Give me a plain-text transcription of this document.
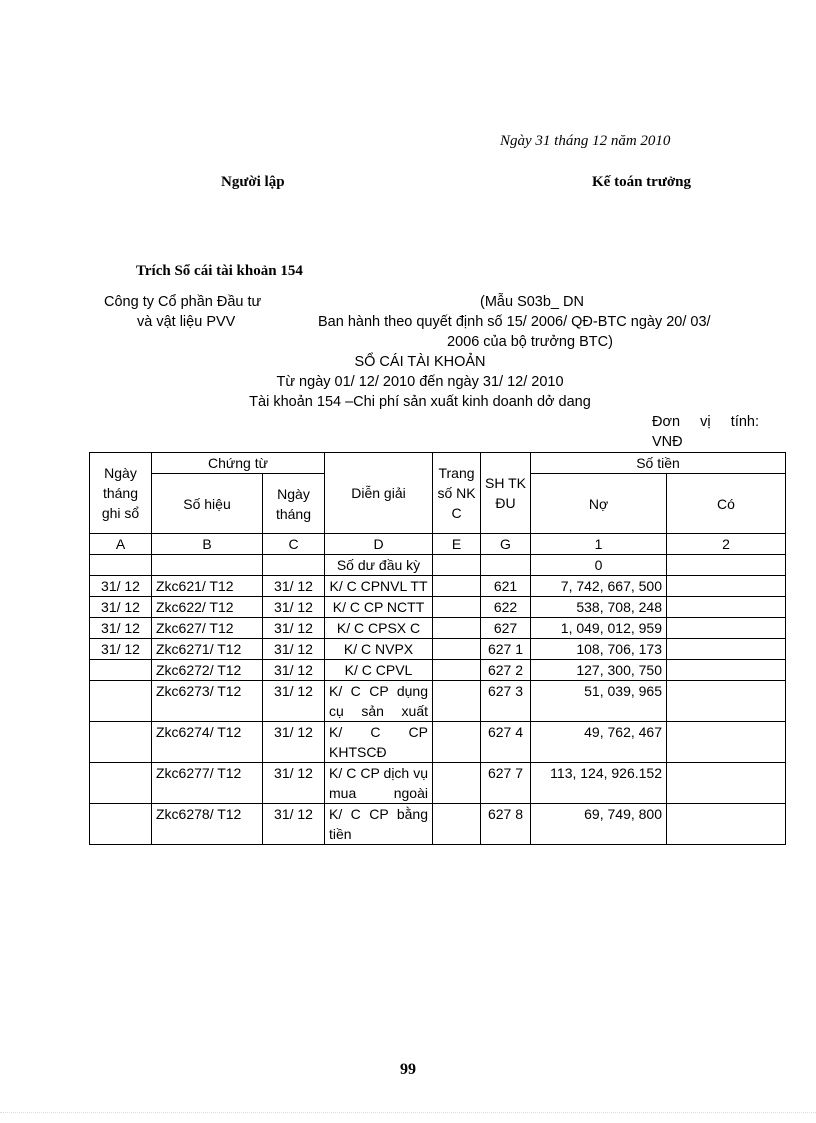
Ngày 31 tháng 12 năm 2010
Người lập	Kế toán trưởng
Trích Sổ cái tài khoản 154
Công ty Cổ phần Đầu tư
và vật liệu PVV
(Mẫu S03b_ DN
Ban hành theo quyết định số 15/ 2006/ QĐ-BTC ngày 20/ 03/
2006 của bộ trưởng BTC)
SỔ CÁI TÀI KHOẢN
Từ ngày 01/ 12/ 2010 đến ngày 31/ 12/ 2010
Tài khoản 154 –Chi phí sản xuất kinh doanh dở dang
Đơn     vị     tính:
VNĐ
Ngày tháng ghi sổ	Chứng từ		Diễn giải	Trang số NK C	SH TK ĐU	Số tiền	
	Số hiệu	Ngày tháng				Nợ	Có
A	B	C	D	E	G	1	2
			Số dư đầu kỳ			0	
31/ 12	Zkc621/ T12	31/ 12	K/ C CPNVL TT		621	7, 742, 667, 500	
31/ 12	Zkc622/ T12	31/ 12	K/ C CP NCTT		622	538, 708, 248	
31/ 12	Zkc627/ T12	31/ 12	K/ C CPSX C		627	1, 049, 012, 959	
31/ 12	Zkc6271/ T12	31/ 12	K/ C NVPX		627 1	108, 706, 173	
	Zkc6272/ T12	31/ 12	K/ C CPVL		627 2	127, 300, 750	
	Zkc6273/ T12	31/ 12	K/ C CP dụng cụ sản xuất		627 3	51, 039, 965	
	Zkc6274/ T12	31/ 12	K/ C CP KHTSCĐ		627 4	49, 762, 467	
	Zkc6277/ T12	31/ 12	K/ C CP dịch vụ mua ngoài		627 7	113, 124, 926.152	
	Zkc6278/ T12	31/ 12	K/ C CP bằng tiền		627 8	69, 749, 800	
99
